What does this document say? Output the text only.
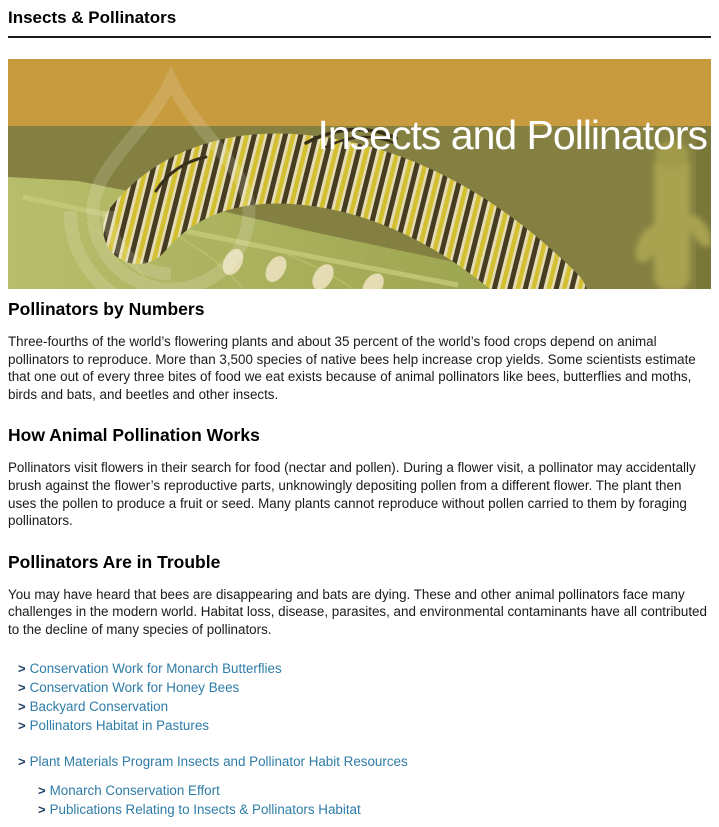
Insects & Pollinators
Insects and Pollinators
Pollinators by Numbers

Three-fourths of the world’s flowering plants and about 35 percent of the world’s food crops depend on animal pollinators to reproduce. More than 3,500 species of native bees help increase crop yields. Some scientists estimate that one out of every three bites of food we eat exists because of animal pollinators like bees, butterflies and moths, birds and bats, and beetles and other insects.

How Animal Pollination Works

Pollinators visit flowers in their search for food (nectar and pollen). During a flower visit, a pollinator may accidentally brush against the flower’s reproductive parts, unknowingly depositing pollen from a different flower. The plant then uses the pollen to produce a fruit or seed. Many plants cannot reproduce without pollen carried to them by foraging pollinators.

Pollinators Are in Trouble

You may have heard that bees are disappearing and bats are dying. These and other animal pollinators face many challenges in the modern world. Habitat loss, disease, parasites, and environmental contaminants have all contributed to the decline of many species of pollinators.

> Conservation Work for Monarch Butterflies
> Conservation Work for Honey Bees
> Backyard Conservation
> Pollinators Habitat in Pastures
> Plant Materials Program Insects and Pollinator Habit Resources
> Monarch Conservation Effort
> Publications Relating to Insects & Pollinators Habitat
